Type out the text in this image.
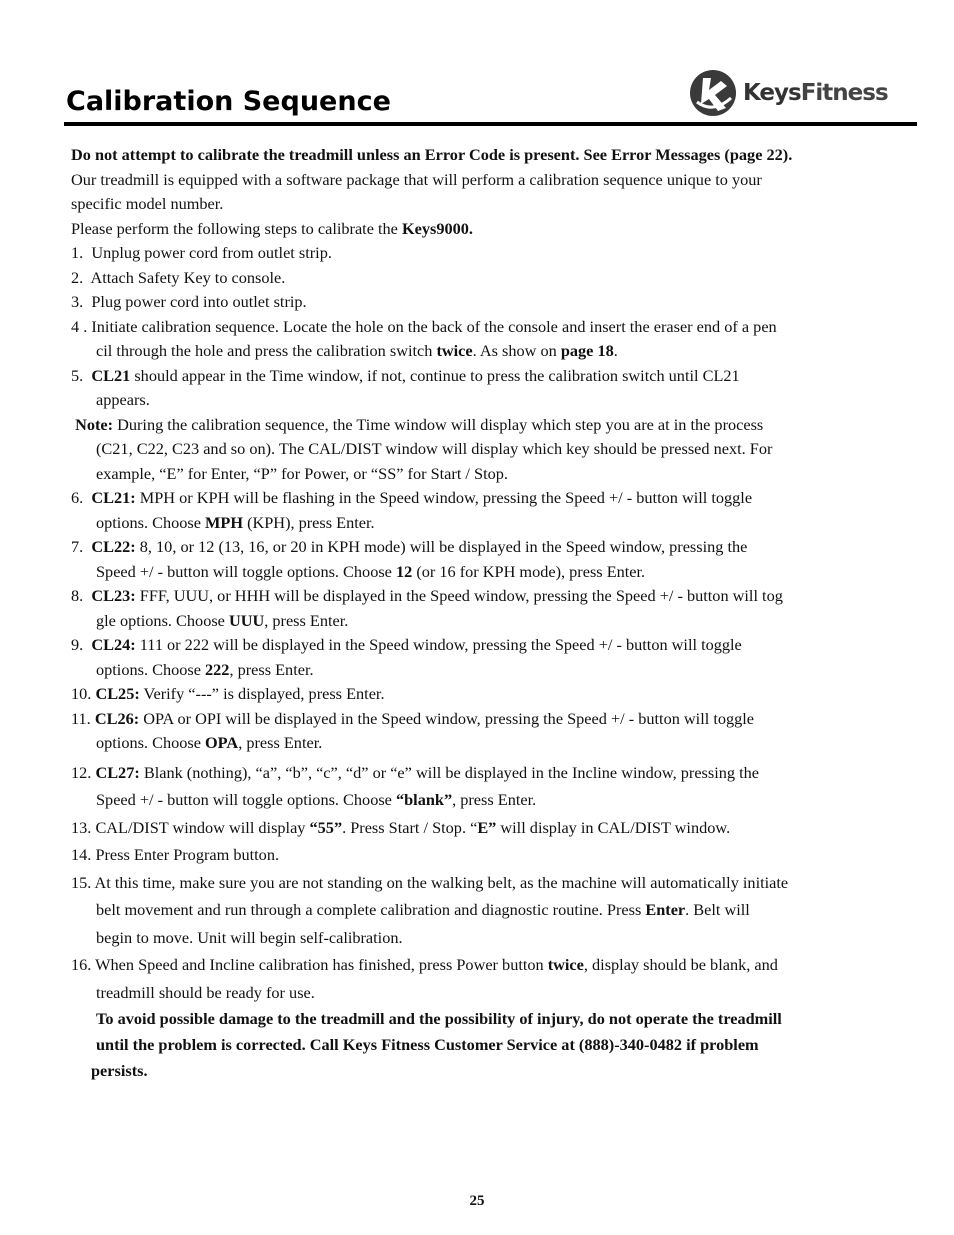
Calibration Sequence	KeysFitness
Do not attempt to calibrate the treadmill unless an Error Code is present. See Error Messages (page 22).
Our treadmill is equipped with a software package that will perform a calibration sequence unique to your
specific model number.
Please perform the following steps to calibrate the Keys9000.
1. Unplug power cord from outlet strip.
2. Attach Safety Key to console.
3. Plug power cord into outlet strip.
4 . Initiate calibration sequence. Locate the hole on the back of the console and insert the eraser end of a pen
cil through the hole and press the calibration switch twice. As show on page 18.
5. CL21 should appear in the Time window, if not, continue to press the calibration switch until CL21
appears.
Note: During the calibration sequence, the Time window will display which step you are at in the process
(C21, C22, C23 and so on). The CAL/DIST window will display which key should be pressed next. For
example, “E” for Enter, “P” for Power, or “SS” for Start / Stop.
6. CL21: MPH or KPH will be flashing in the Speed window, pressing the Speed +/ - button will toggle
options. Choose MPH (KPH), press Enter.
7. CL22: 8, 10, or 12 (13, 16, or 20 in KPH mode) will be displayed in the Speed window, pressing the
Speed +/ - button will toggle options. Choose 12 (or 16 for KPH mode), press Enter.
8. CL23: FFF, UUU, or HHH will be displayed in the Speed window, pressing the Speed +/ - button will tog
gle options. Choose UUU, press Enter.
9. CL24: 111 or 222 will be displayed in the Speed window, pressing the Speed +/ - button will toggle
options. Choose 222, press Enter.
10. CL25: Verify “---” is displayed, press Enter.
11. CL26: OPA or OPI will be displayed in the Speed window, pressing the Speed +/ - button will toggle
options. Choose OPA, press Enter.
12. CL27: Blank (nothing), “a”, “b”, “c”, “d” or “e” will be displayed in the Incline window, pressing the
Speed +/ - button will toggle options. Choose “blank”, press Enter.
13. CAL/DIST window will display “55”. Press Start / Stop. “E” will display in CAL/DIST window.
14. Press Enter Program button.
15. At this time, make sure you are not standing on the walking belt, as the machine will automatically initiate
belt movement and run through a complete calibration and diagnostic routine. Press Enter. Belt will
begin to move. Unit will begin self-calibration.
16. When Speed and Incline calibration has finished, press Power button twice, display should be blank, and
treadmill should be ready for use.
To avoid possible damage to the treadmill and the possibility of injury, do not operate the treadmill
until the problem is corrected. Call Keys Fitness Customer Service at (888)-340-0482 if problem
persists.
25
